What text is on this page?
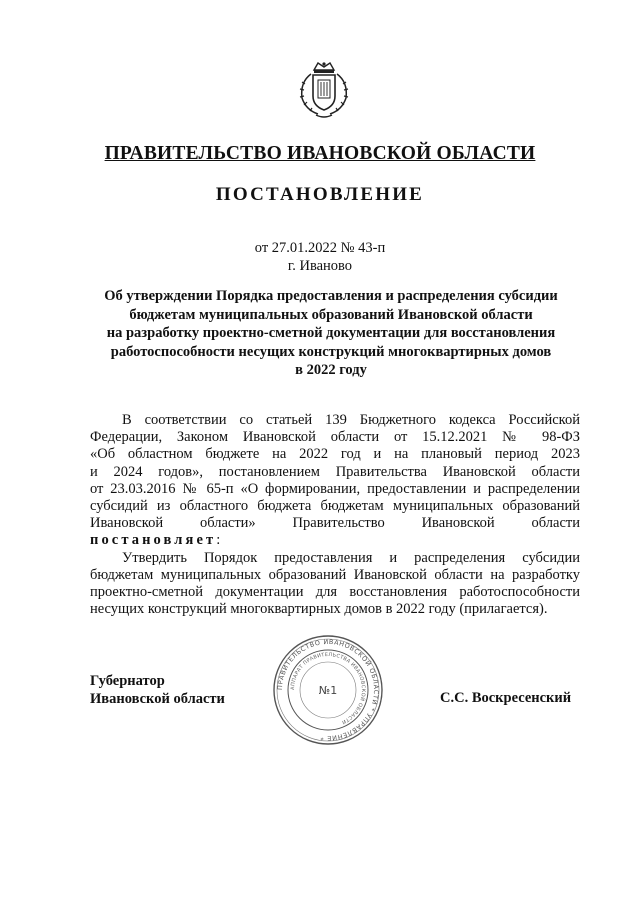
ПРАВИТЕЛЬСТВО ИВАНОВСКОЙ ОБЛАСТИ
ПОСТАНОВЛЕНИЕ
от 27.01.2022 № 43-п
г. Иваново
Об утверждении Порядка предоставления и распределения субсидии
бюджетам муниципальных образований Ивановской области
на разработку проектно-сметной документации для восстановления
работоспособности несущих конструкций многоквартирных домов
в 2022 году
В соответствии со статьей 139 Бюджетного кодекса Российской
Федерации, Законом Ивановской области от 15.12.2021 № 98-ФЗ
«Об областном бюджете на 2022 год и на плановый период 2023
и 2024 годов», постановлением Правительства Ивановской области
от 23.03.2016 № 65-п «О формировании, предоставлении и распределении
субсидий из областного бюджета бюджетам муниципальных образований
Ивановской области» Правительство Ивановской области
постановляет:
Утвердить Порядок предоставления и распределения субсидии
бюджетам муниципальных образований Ивановской области на разработку
проектно-сметной документации для восстановления работоспособности
несущих конструкций многоквартирных домов в 2022 году (прилагается).
Губернатор
Ивановской области	С.С. Воскресенский
ПРАВИТЕЛЬСТВО ИВАНОВСКОЙ ОБЛАСТИ * УПРАВЛЕНИЕ *
АППАРАТ ПРАВИТЕЛЬСТВА ИВАНОВСКОЙ ОБЛАСТИ
№1
